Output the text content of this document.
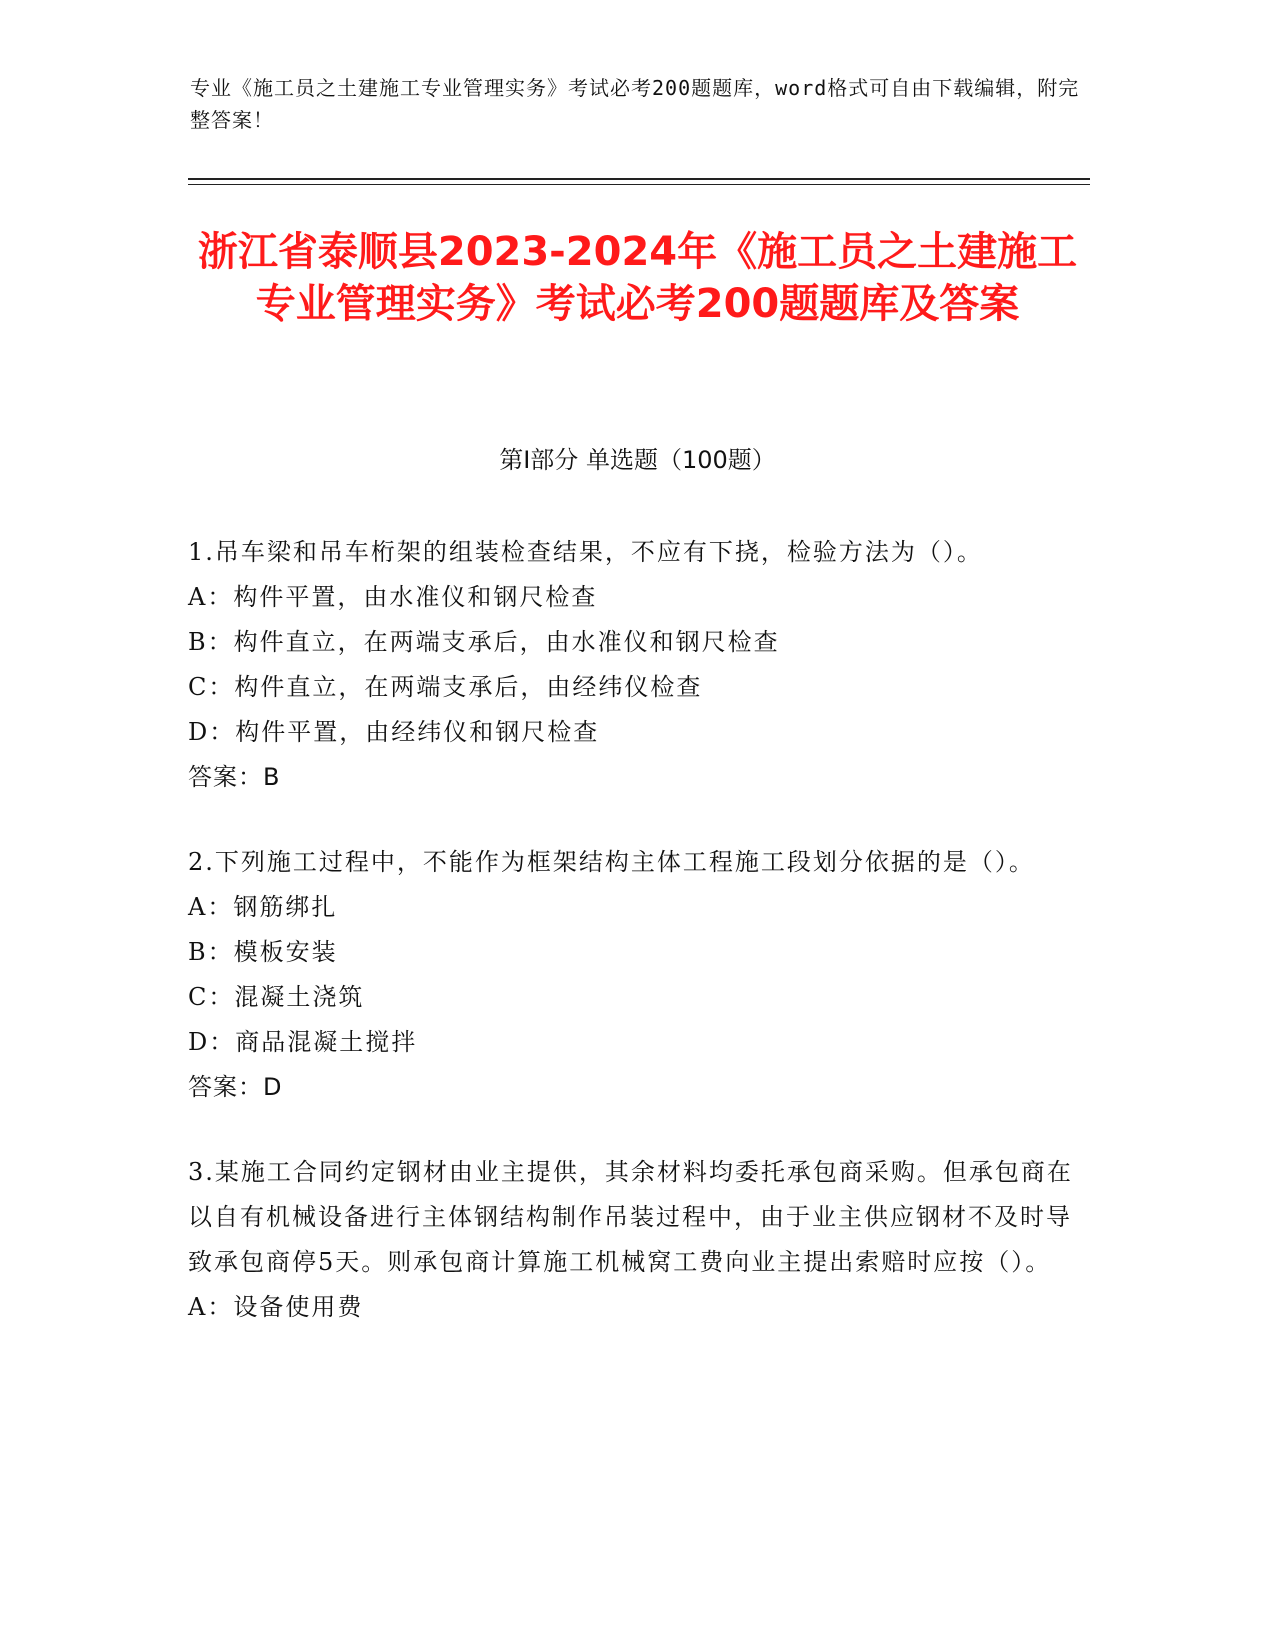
专业《施工员之土建施工专业管理实务》考试必考200题题库，word格式可自由下载编辑，附完整答案！
浙江省泰顺县2023-2024年《施工员之土建施工专业管理实务》考试必考200题题库及答案
第Ⅰ部分 单选题（100题）

1.吊车梁和吊车桁架的组装检查结果，不应有下挠，检验方法为（）。

A：构件平置，由水准仪和钢尺检查

B：构件直立，在两端支承后，由水准仪和钢尺检查

C：构件直立，在两端支承后，由经纬仪检查

D：构件平置，由经纬仪和钢尺检查

答案：B

2.下列施工过程中，不能作为框架结构主体工程施工段划分依据的是（）。

A：钢筋绑扎

B：模板安装

C：混凝土浇筑

D：商品混凝土搅拌

答案：D

3.某施工合同约定钢材由业主提供，其余材料均委托承包商采购。但承包商在以自有机械设备进行主体钢结构制作吊装过程中，由于业主供应钢材不及时导致承包商停5天。则承包商计算施工机械窝工费向业主提出索赔时应按（）。

A：设备使用费
